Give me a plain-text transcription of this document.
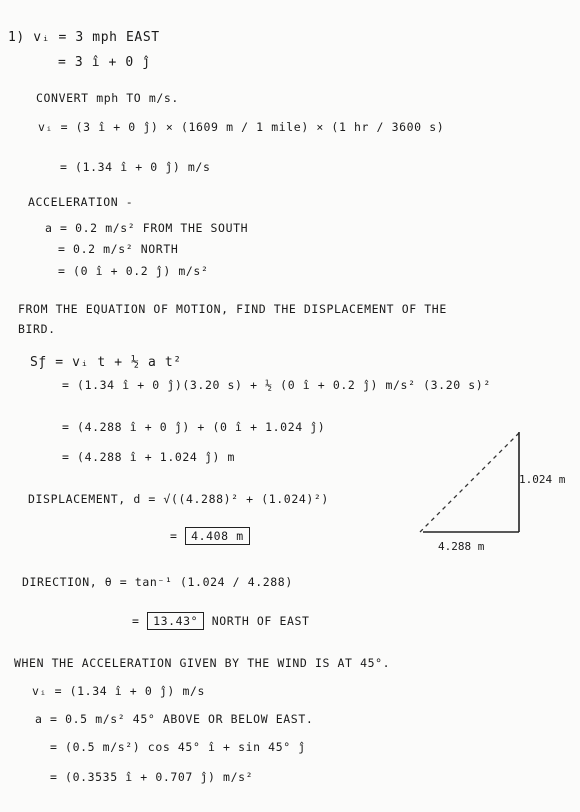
1) vᵢ = 3 mph EAST
= 3 î + 0 ĵ
CONVERT mph TO m/s.
vᵢ = (3 î + 0 ĵ) × (1609 m / 1 mile) × (1 hr / 3600 s)
= (1.34 î + 0 ĵ) m/s
ACCELERATION -
a = 0.2 m/s² FROM THE SOUTH
= 0.2 m/s² NORTH
= (0 î + 0.2 ĵ) m/s²
FROM THE EQUATION OF MOTION, FIND THE DISPLACEMENT OF THE
BIRD.
Sƒ = vᵢ t + ½ a t²
= (1.34 î + 0 ĵ)(3.20 s) + ½ (0 î + 0.2 ĵ) m/s² (3.20 s)²
= (4.288 î + 0 ĵ) + (0 î + 1.024 ĵ)
= (4.288 î + 1.024 ĵ) m
DISPLACEMENT, d = √((4.288)² + (1.024)²)
= 4.408 m
DIRECTION, θ = tan⁻¹ (1.024 / 4.288)
= 13.43° NORTH OF EAST
WHEN THE ACCELERATION GIVEN BY THE WIND IS AT 45°.
vᵢ = (1.34 î + 0 ĵ) m/s
a = 0.5 m/s² 45° ABOVE OR BELOW EAST.
= (0.5 m/s²) cos 45° î + sin 45° ĵ
= (0.3535 î + 0.707 ĵ) m/s²
1.024 m
4.288 m
